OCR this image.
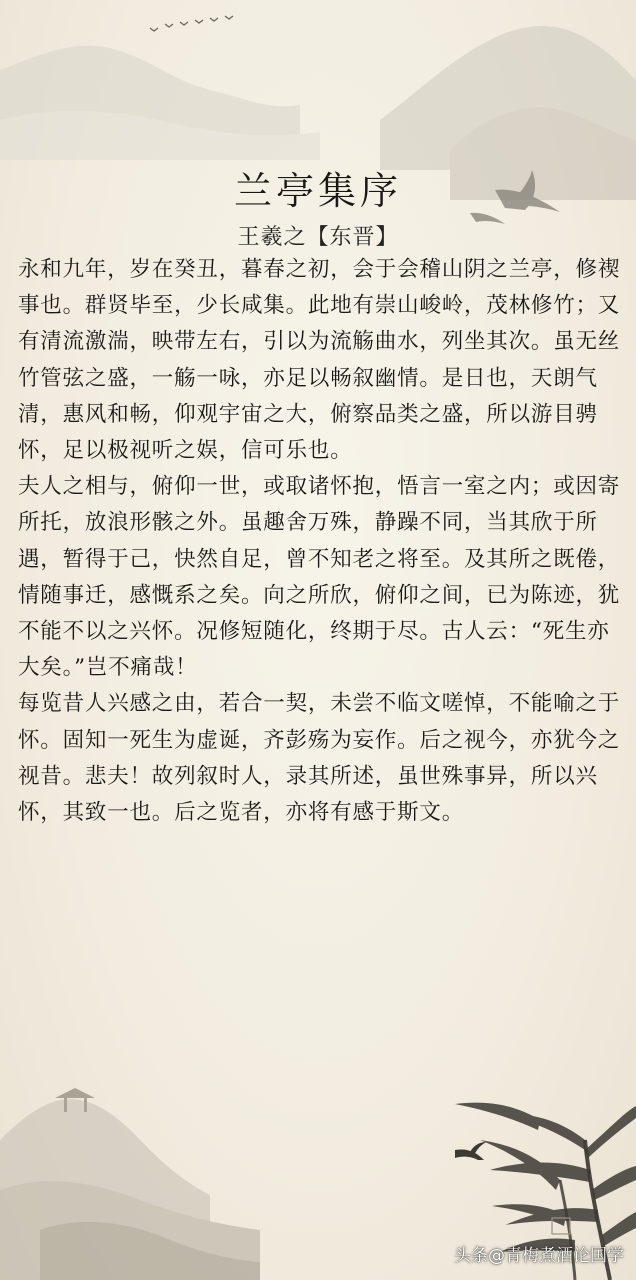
兰亭集序
王羲之【东晋】

永和九年，岁在癸丑，暮春之初，会于会稽山阴之兰亭，修禊事也。群贤毕至，少长咸集。此地有崇山峻岭，茂林修竹；又有清流激湍，映带左右，引以为流觞曲水，列坐其次。虽无丝竹管弦之盛，一觞一咏，亦足以畅叙幽情。是日也，天朗气清，惠风和畅，仰观宇宙之大，俯察品类之盛，所以游目骋怀，足以极视听之娱，信可乐也。

夫人之相与，俯仰一世，或取诸怀抱，悟言一室之内；或因寄所托，放浪形骸之外。虽趣舍万殊，静躁不同，当其欣于所遇，暂得于己，快然自足，曾不知老之将至。及其所之既倦，情随事迁，感慨系之矣。向之所欣，俯仰之间，已为陈迹，犹不能不以之兴怀。况修短随化，终期于尽。古人云：“死生亦大矣。”岂不痛哉！

每览昔人兴感之由，若合一契，未尝不临文嗟悼，不能喻之于怀。固知一死生为虚诞，齐彭殇为妄作。后之视今，亦犹今之视昔。悲夫！故列叙时人，录其所述，虽世殊事异，所以兴怀，其致一也。后之览者，亦将有感于斯文。

头条@青梅煮酒论国学
